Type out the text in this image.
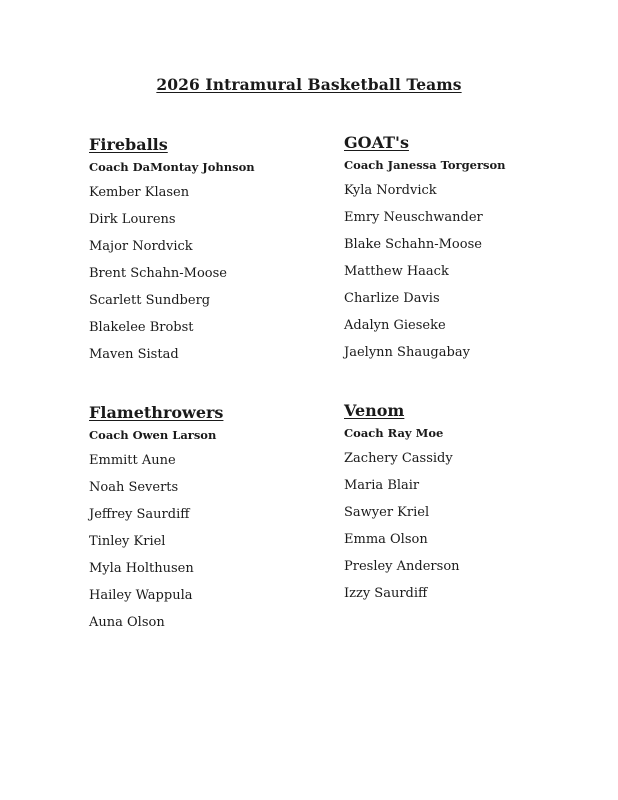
2026 Intramural Basketball Teams
Fireballs
Coach DaMontay Johnson
Kember Klasen
Dirk Lourens
Major Nordvick
Brent Schahn-Moose
Scarlett Sundberg
Blakelee Brobst
Maven Sistad
GOAT's
Coach Janessa Torgerson
Kyla Nordvick
Emry Neuschwander
Blake Schahn-Moose
Matthew Haack
Charlize Davis
Adalyn Gieseke
Jaelynn Shaugabay
Flamethrowers
Coach Owen Larson
Emmitt Aune
Noah Severts
Jeffrey Saurdiff
Tinley Kriel
Myla Holthusen
Hailey Wappula
Auna Olson
Venom
Coach Ray Moe
Zachery Cassidy
Maria Blair
Sawyer Kriel
Emma Olson
Presley Anderson
Izzy Saurdiff
